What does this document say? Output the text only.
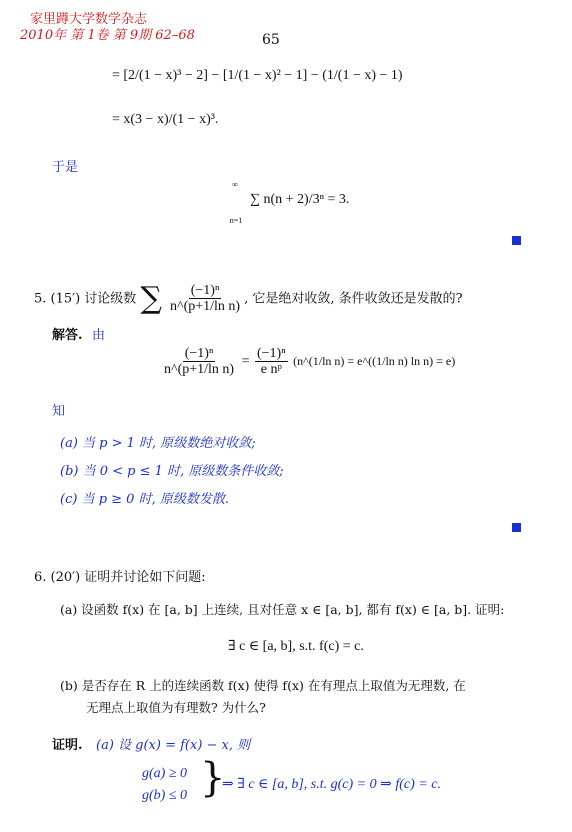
家里蹲大学数学杂志
2010年 第 1卷 第 9期 62–68	65
= [2/(1 − x)³ − 2] − [1/(1 − x)² − 1] − (1/(1 − x) − 1)
= x(3 − x)/(1 − x)³.
于是
∞
n=1
∑ n(n + 2)/3ⁿ = 3.
5. (15′) 讨论级数 ∑ $\frac{\text{(−1)ⁿ}}{\text{n\textasciicircum{}(p+1/ln n)}}$ , 它是绝对收敛, 条件收敛还是发散的?
解答. 由
$\frac{\text{(−1)ⁿ}}{\text{n\textasciicircum{}(p+1/ln n)}} = \frac{\text{(−1)ⁿ}}{\text{e nᵖ}}$ (n^(1/ln n) = e^((1/ln n) ln n) = e)
知
(a) 当 p > 1 时, 原级数绝对收敛;
(b) 当 0 < p ≤ 1 时, 原级数条件收敛;
(c) 当 p ≥ 0 时, 原级数发散.
6. (20′) 证明并讨论如下问题:
(a) 设函数 f(x) 在 [a, b] 上连续, 且对任意 x ∈ [a, b], 都有 f(x) ∈ [a, b]. 证明:
∃ c ∈ [a, b], s.t. f(c) = c.
(b) 是否存在 R 上的连续函数 f(x) 使得 f(x) 在有理点上取值为无理数, 在
无理点上取值为有理数? 为什么?
证明. (a) 设 g(x) = f(x) − x, 则
g(a) ≥ 0
g(b) ≤ 0 }
⇒ ∃ c ∈ [a, b], s.t. g(c) = 0 ⇒ f(c) = c.
